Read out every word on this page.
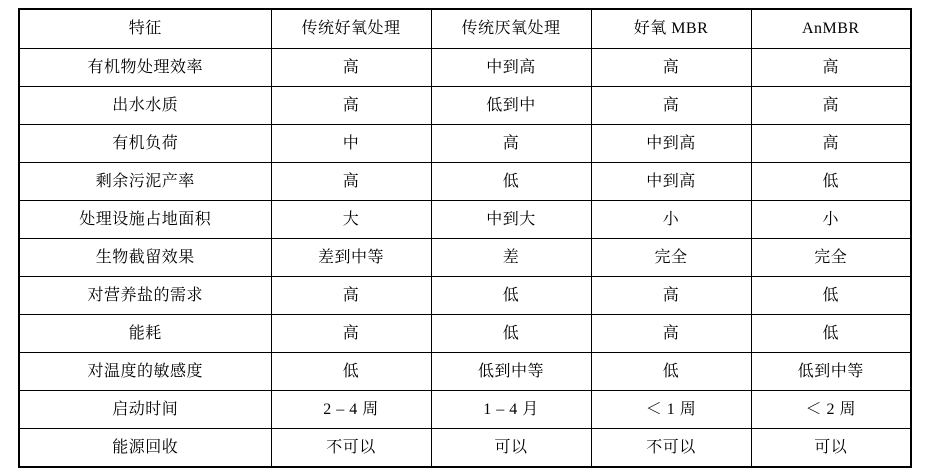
特征	传统好氧处理	传统厌氧处理	好氧 MBR	AnMBR

有机物处理效率	高	中到高	高	高

出水水质	高	低到中	高	高

有机负荷	中	高	中到高	高

剩余污泥产率	高	低	中到高	低

处理设施占地面积	大	中到大	小	小

生物截留效果	差到中等	差	完全	完全

对营养盐的需求	高	低	高	低

能耗	高	低	高	低

对温度的敏感度	低	低到中等	低	低到中等

启动时间	2 – 4 周	1 – 4 月	＜ 1 周	＜ 2 周

能源回收	不可以	可以	不可以	可以
